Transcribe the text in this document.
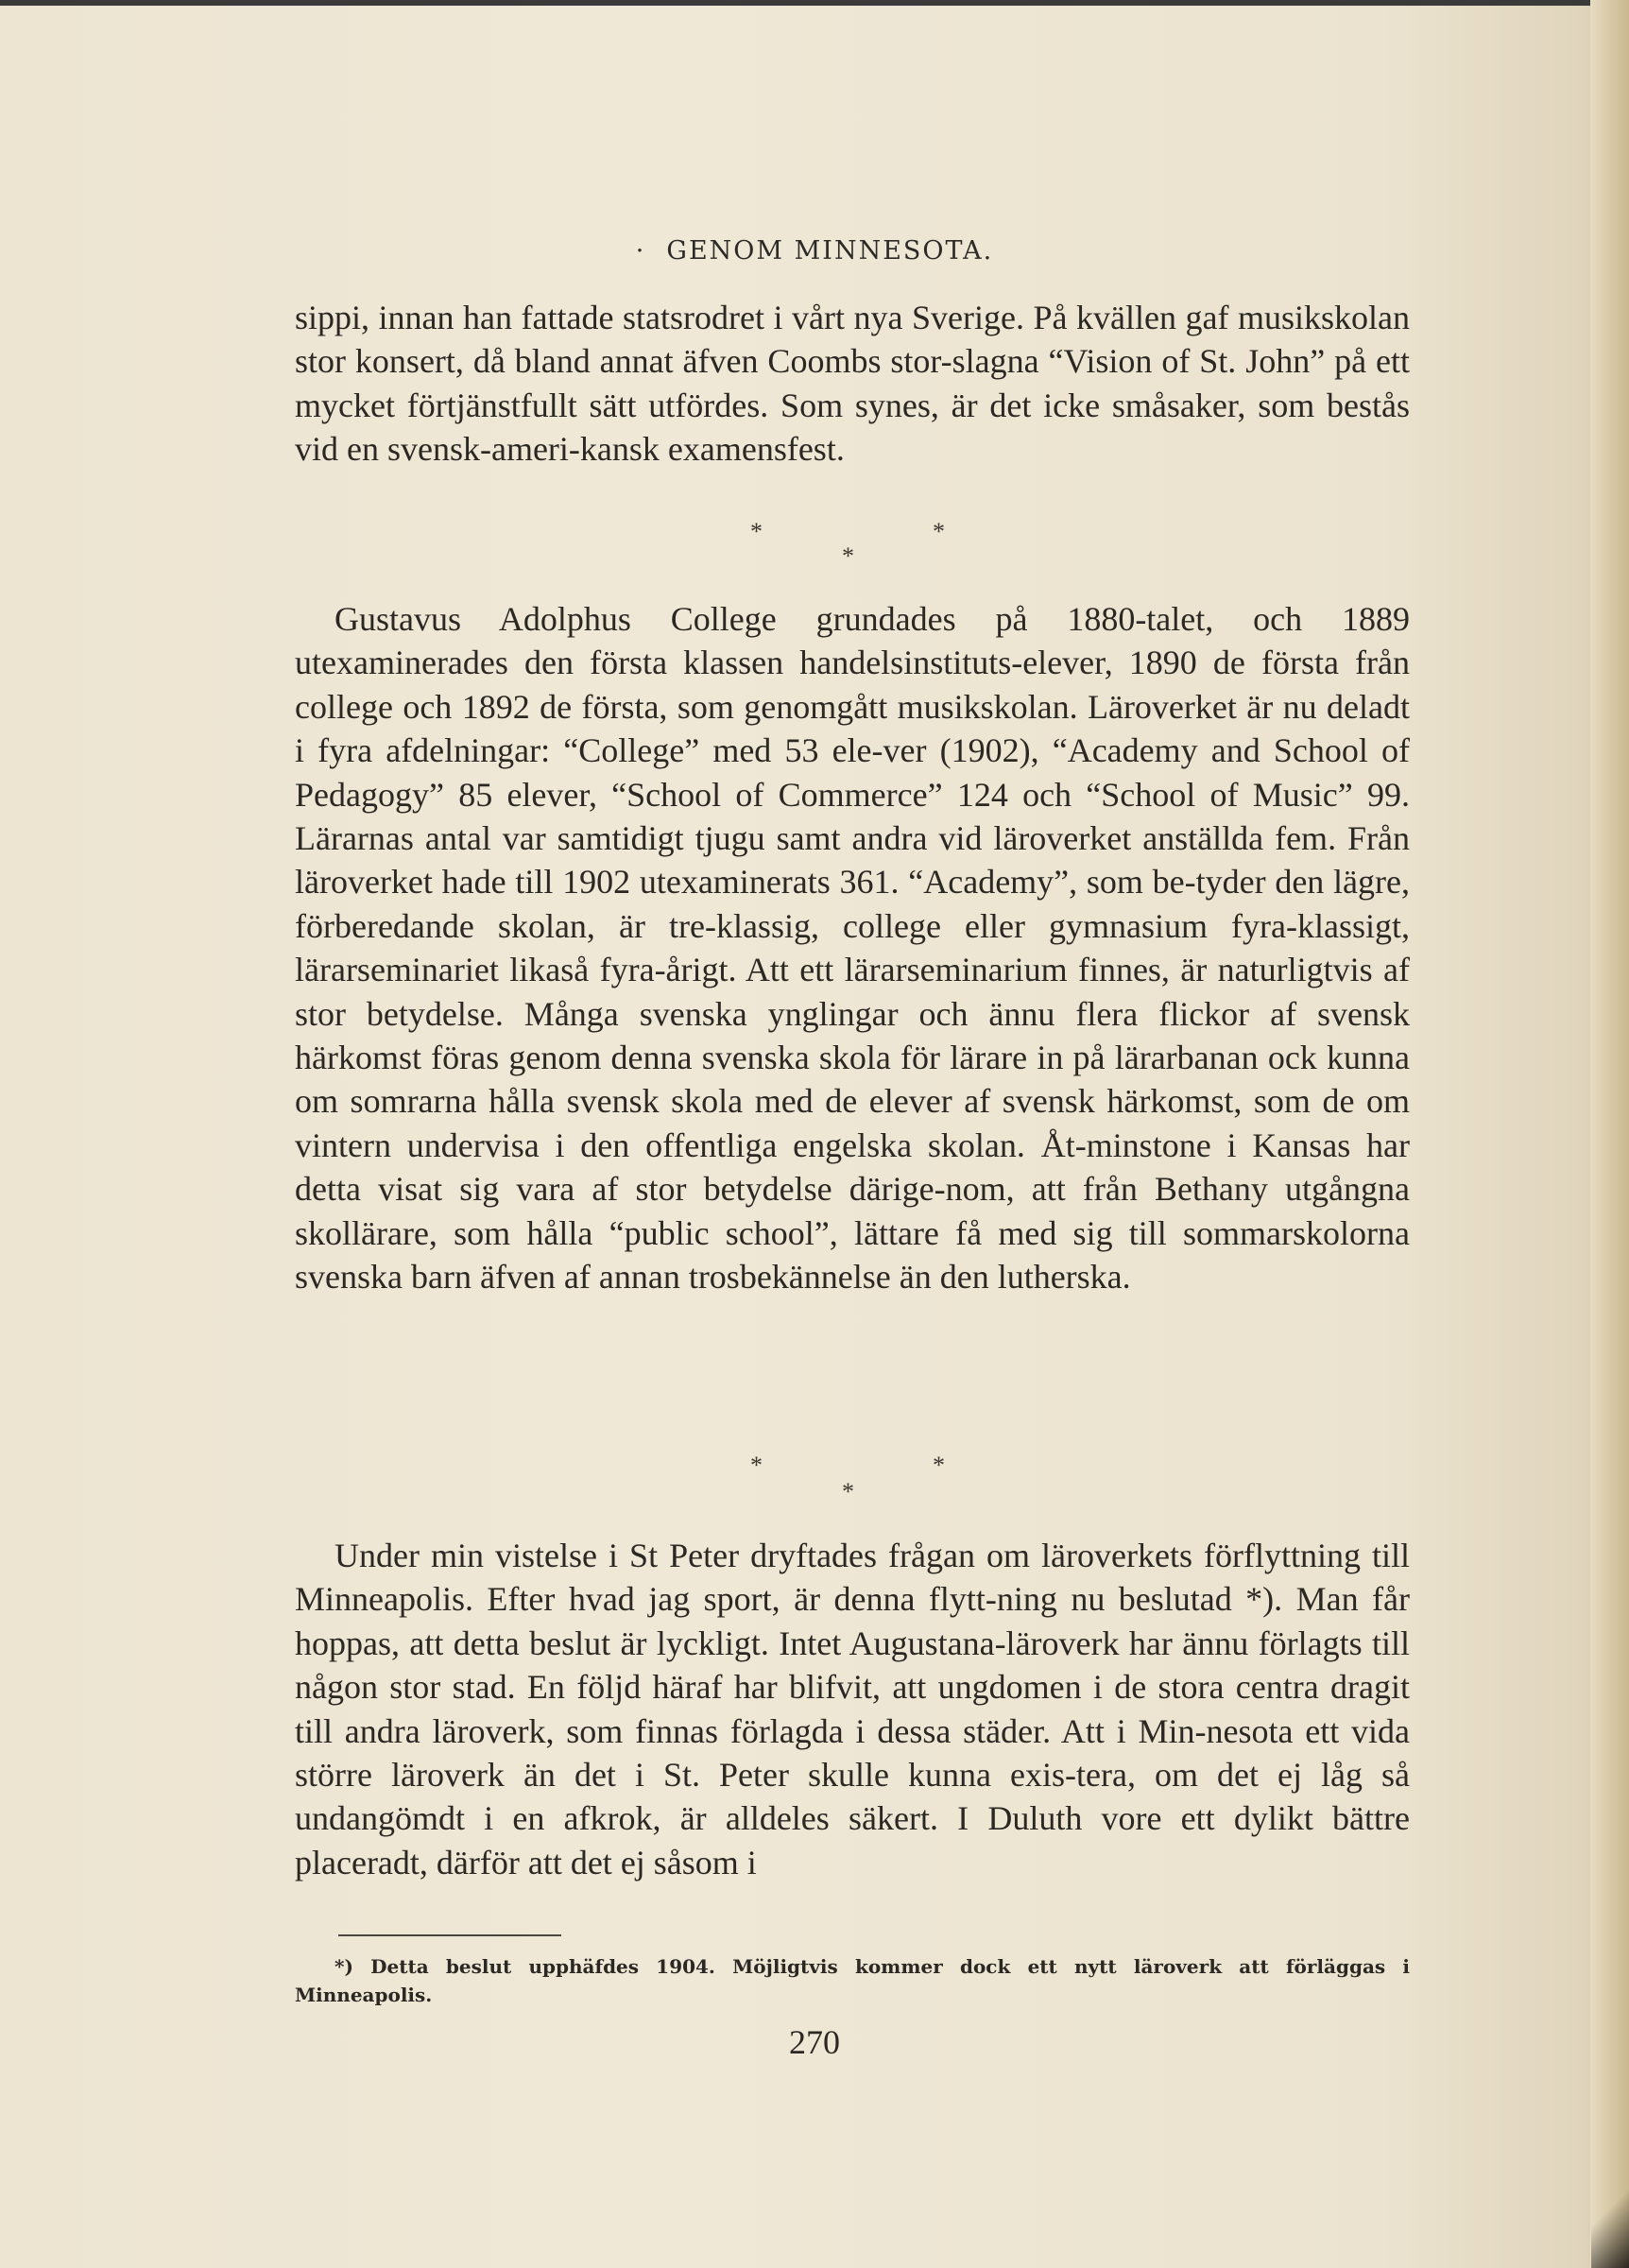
· GENOM MINNESOTA.

sippi, innan han fattade statsrodret i vårt nya Sverige. På kvällen gaf musikskolan stor konsert, då bland annat äfven Coombs stor-slagna “Vision of St. John” på ett mycket förtjänstfullt sätt utfördes. Som synes, är det icke småsaker, som bestås vid en svensk-ameri-kansk examensfest.

*	*
*

Gustavus Adolphus College grundades på 1880-talet, och 1889 utexaminerades den första klassen handelsinstituts-elever, 1890 de första från college och 1892 de första, som genomgått musikskolan. Läroverket är nu deladt i fyra afdelningar: “College” med 53 ele-ver (1902), “Academy and School of Pedagogy” 85 elever, “School of Commerce” 124 och “School of Music” 99. Lärarnas antal var samtidigt tjugu samt andra vid läroverket anställda fem. Från läroverket hade till 1902 utexaminerats 361. “Academy”, som be-tyder den lägre, förberedande skolan, är tre-klassig, college eller gymnasium fyra-klassigt, lärarseminariet likaså fyra-årigt. Att ett lärarseminarium finnes, är naturligtvis af stor betydelse. Många svenska ynglingar och ännu flera flickor af svensk härkomst föras genom denna svenska skola för lärare in på lärarbanan ock kunna om somrarna hålla svensk skola med de elever af svensk härkomst, som de om vintern undervisa i den offentliga engelska skolan. Åt-minstone i Kansas har detta visat sig vara af stor betydelse därige-nom, att från Bethany utgångna skollärare, som hålla “public school”, lättare få med sig till sommarskolorna svenska barn äfven af annan trosbekännelse än den lutherska.

*	*
*

Under min vistelse i St Peter dryftades frågan om läroverkets förflyttning till Minneapolis. Efter hvad jag sport, är denna flytt-ning nu beslutad *). Man får hoppas, att detta beslut är lyckligt. Intet Augustana-läroverk har ännu förlagts till någon stor stad. En följd häraf har blifvit, att ungdomen i de stora centra dragit till andra läroverk, som finnas förlagda i dessa städer. Att i Min-nesota ett vida större läroverk än det i St. Peter skulle kunna exis-tera, om det ej låg så undangömdt i en afkrok, är alldeles säkert. I Duluth vore ett dylikt bättre placeradt, därför att det ej såsom i

*) Detta beslut upphäfdes 1904. Möjligtvis kommer dock ett nytt läroverk att förläggas i Minneapolis.
270
